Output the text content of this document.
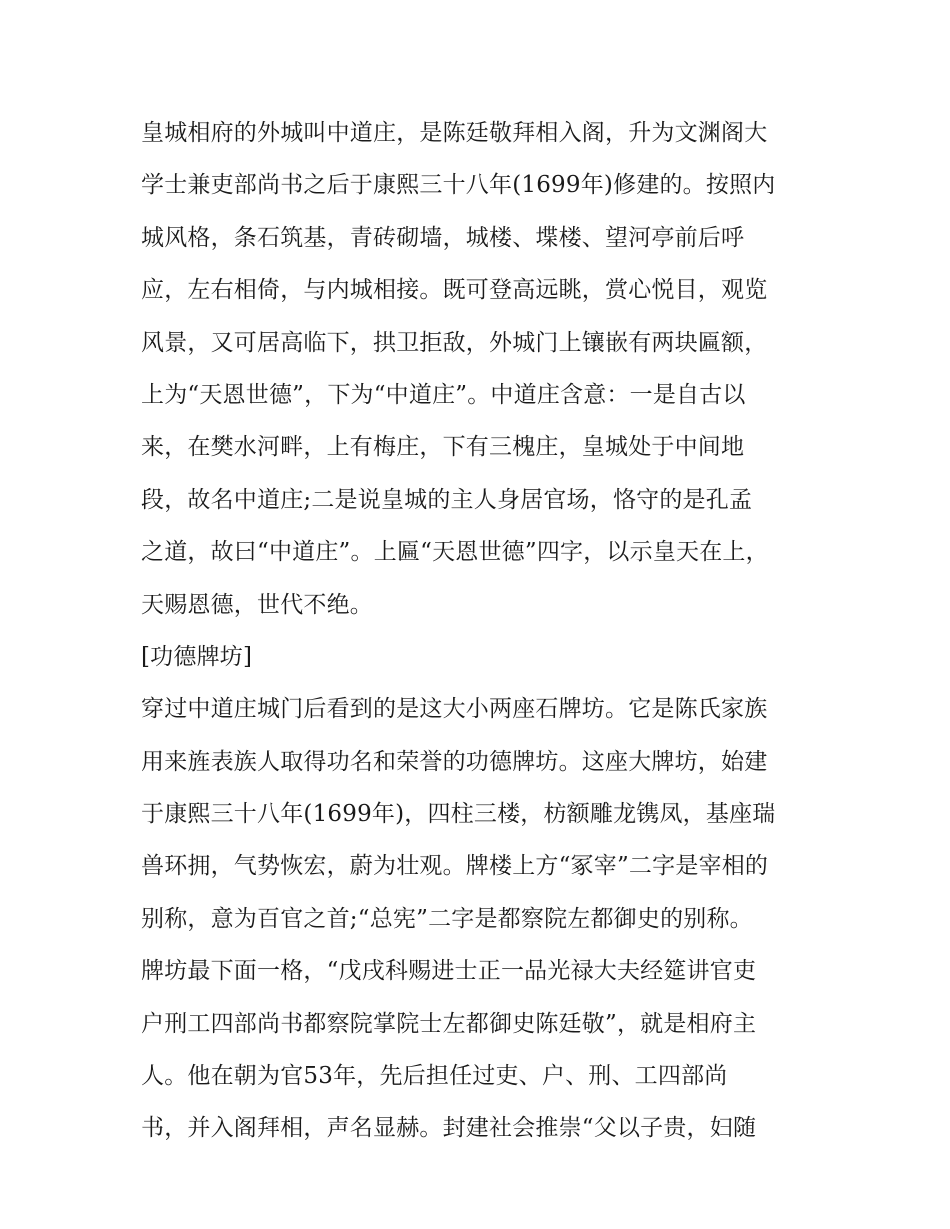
皇城相府的外城叫中道庄，是陈廷敬拜相入阁，升为文渊阁大
学士兼吏部尚书之后于康熙三十八年(1699年)修建的。按照内
城风格，条石筑基，青砖砌墙，城楼、堞楼、望河亭前后呼
应，左右相倚，与内城相接。既可登高远眺，赏心悦目，观览
风景，又可居高临下，拱卫拒敌，外城门上镶嵌有两块匾额，
上为“天恩世德”，下为“中道庄”。中道庄含意：一是自古以
来，在樊水河畔，上有梅庄，下有三槐庄，皇城处于中间地
段，故名中道庄;二是说皇城的主人身居官场，恪守的是孔孟
之道，故曰“中道庄”。上匾“天恩世德”四字，以示皇天在上，
天赐恩德，世代不绝。
[功德牌坊]
穿过中道庄城门后看到的是这大小两座石牌坊。它是陈氏家族
用来旌表族人取得功名和荣誉的功德牌坊。这座大牌坊，始建
于康熙三十八年(1699年)，四柱三楼，枋额雕龙镌凤，基座瑞
兽环拥，气势恢宏，蔚为壮观。牌楼上方“冢宰”二字是宰相的
别称，意为百官之首;“总宪”二字是都察院左都御史的别称。
牌坊最下面一格，“戊戌科赐进士正一品光禄大夫经筵讲官吏
户刑工四部尚书都察院掌院士左都御史陈廷敬”，就是相府主
人。他在朝为官53年，先后担任过吏、户、刑、工四部尚
书，并入阁拜相，声名显赫。封建社会推崇“父以子贵，妇随
